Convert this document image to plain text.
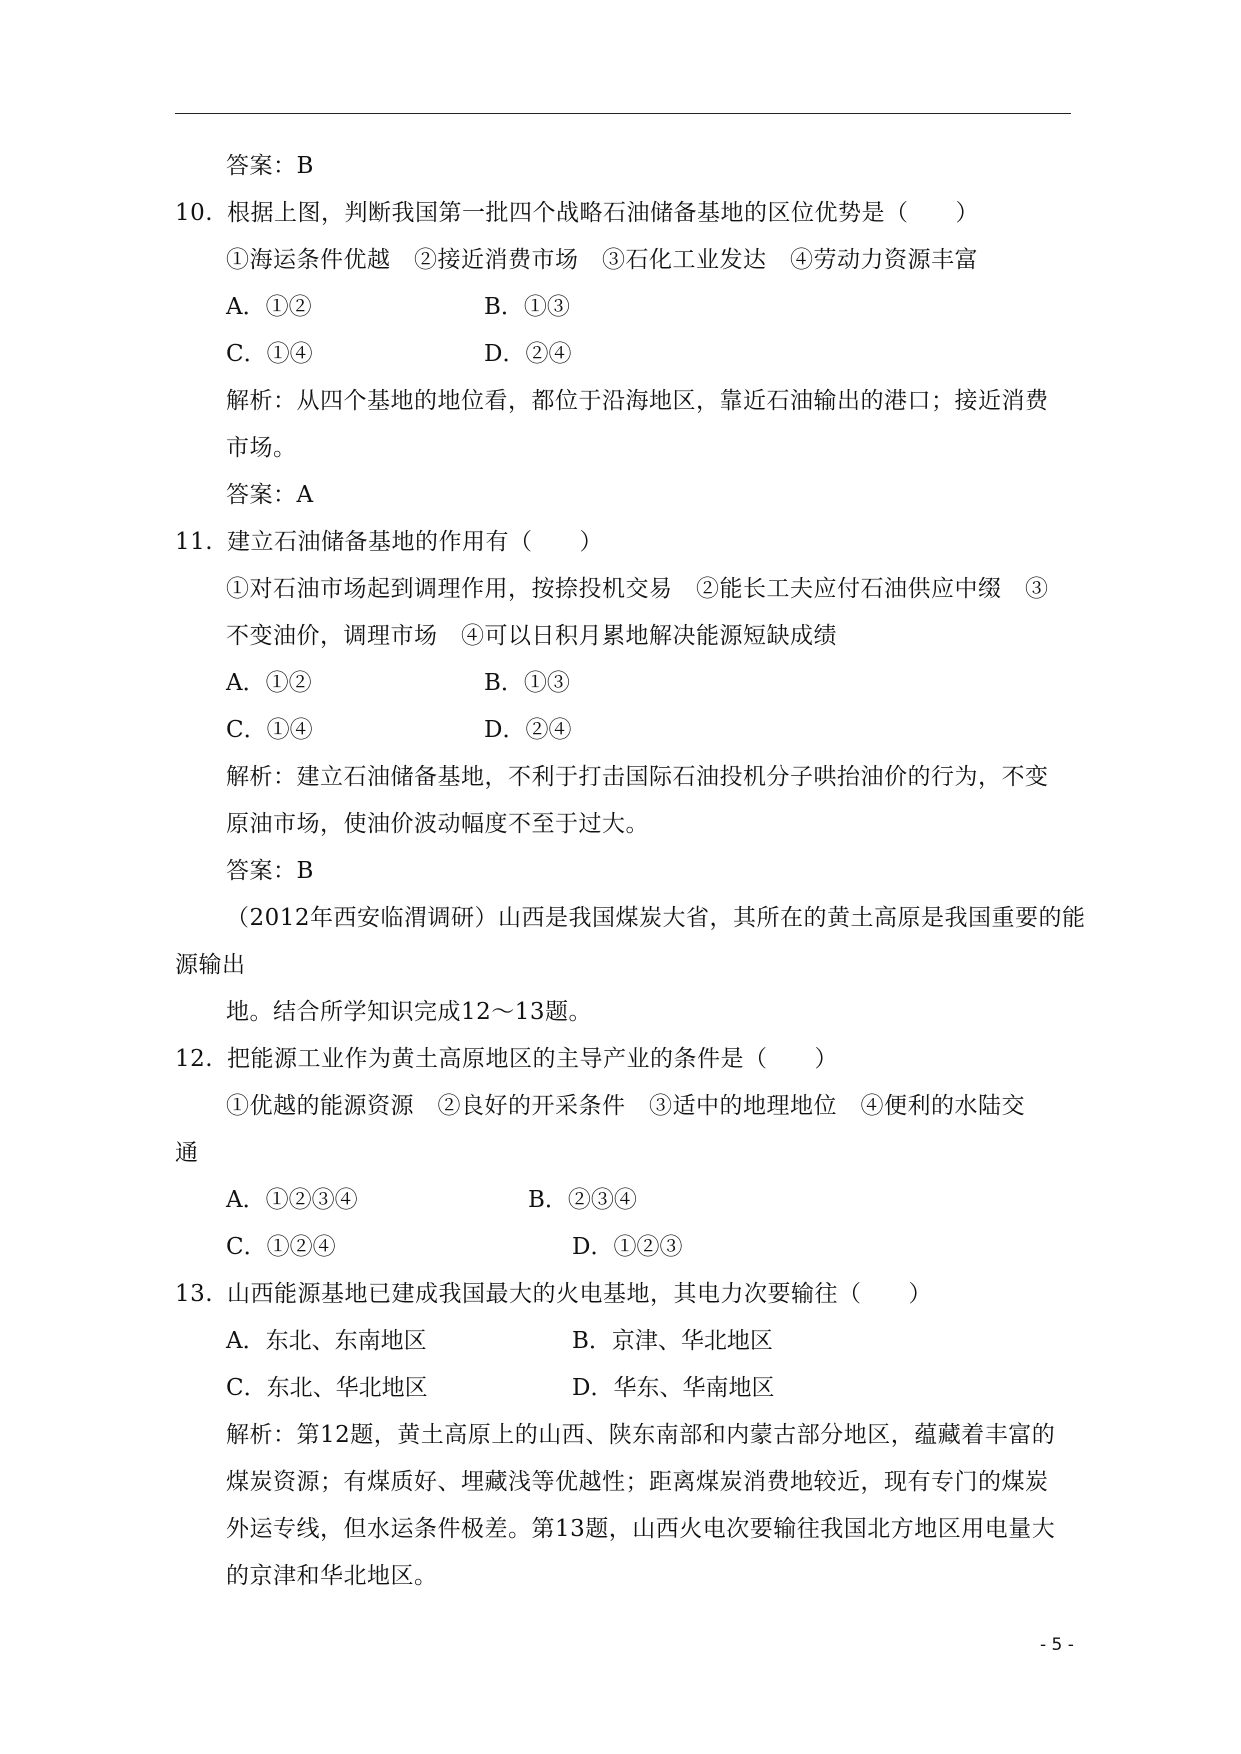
答案：B
10. 根据上图，判断我国第一批四个战略石油储备基地的区位优势是（　　）
①海运条件优越　②接近消费市场　③石化工业发达　④劳动力资源丰富
A．①②	B．①③
C．①④	D．②④
解析：从四个基地的地位看，都位于沿海地区，靠近石油输出的港口；接近消费
市场。
答案：A
11. 建立石油储备基地的作用有（　　）
①对石油市场起到调理作用，按捺投机交易　②能长工夫应付石油供应中缀　③
不变油价，调理市场　④可以日积月累地解决能源短缺成绩
A．①②	B．①③
C．①④	D．②④
解析：建立石油储备基地，不利于打击国际石油投机分子哄抬油价的行为，不变
原油市场，使油价波动幅度不至于过大。
答案：B
（2012年西安临渭调研）山西是我国煤炭大省，其所在的黄土高原是我国重要的能
源输出
地。结合所学知识完成12～13题。
12. 把能源工业作为黄土高原地区的主导产业的条件是（　　）
①优越的能源资源　②良好的开采条件　③适中的地理地位　④便利的水陆交
通
A．①②③④	B．②③④
C．①②④	D．①②③
13. 山西能源基地已建成我国最大的火电基地，其电力次要输往（　　）
A．东北、东南地区	B．京津、华北地区
C．东北、华北地区	D．华东、华南地区
解析：第12题，黄土高原上的山西、陕东南部和内蒙古部分地区，蕴藏着丰富的
煤炭资源；有煤质好、埋藏浅等优越性；距离煤炭消费地较近，现有专门的煤炭
外运专线，但水运条件极差。第13题，山西火电次要输往我国北方地区用电量大
的京津和华北地区。
- 5 -
